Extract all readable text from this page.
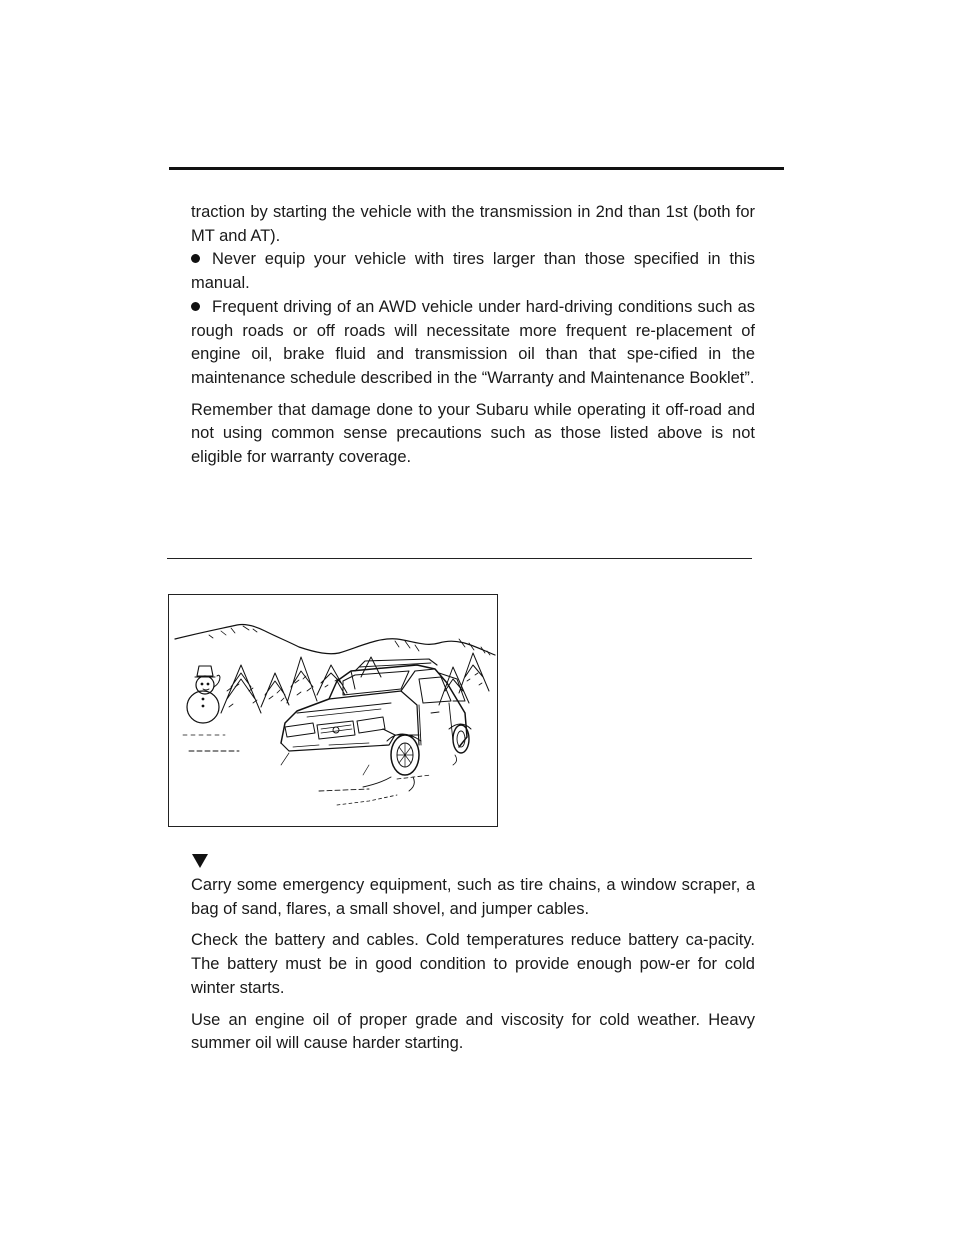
traction by starting the vehicle with the transmission in 2nd than 1st (both for MT and AT).

Never equip your vehicle with tires larger than those specified in this manual.

Frequent driving of an AWD vehicle under hard-driving conditions such as rough roads or off roads will necessitate more frequent re-placement of engine oil, brake fluid and transmission oil than that spe-cified in the maintenance schedule described in the “Warranty and Maintenance Booklet”.

Remember that damage done to your Subaru while operating it off-road and not using common sense precautions such as those listed above is not eligible for warranty coverage.

Carry some emergency equipment, such as tire chains, a window scraper, a bag of sand, flares, a small shovel, and jumper cables.

Check the battery and cables. Cold temperatures reduce battery ca-pacity. The battery must be in good condition to provide enough pow-er for cold winter starts.

Use an engine oil of proper grade and viscosity for cold weather. Heavy summer oil will cause harder starting.
